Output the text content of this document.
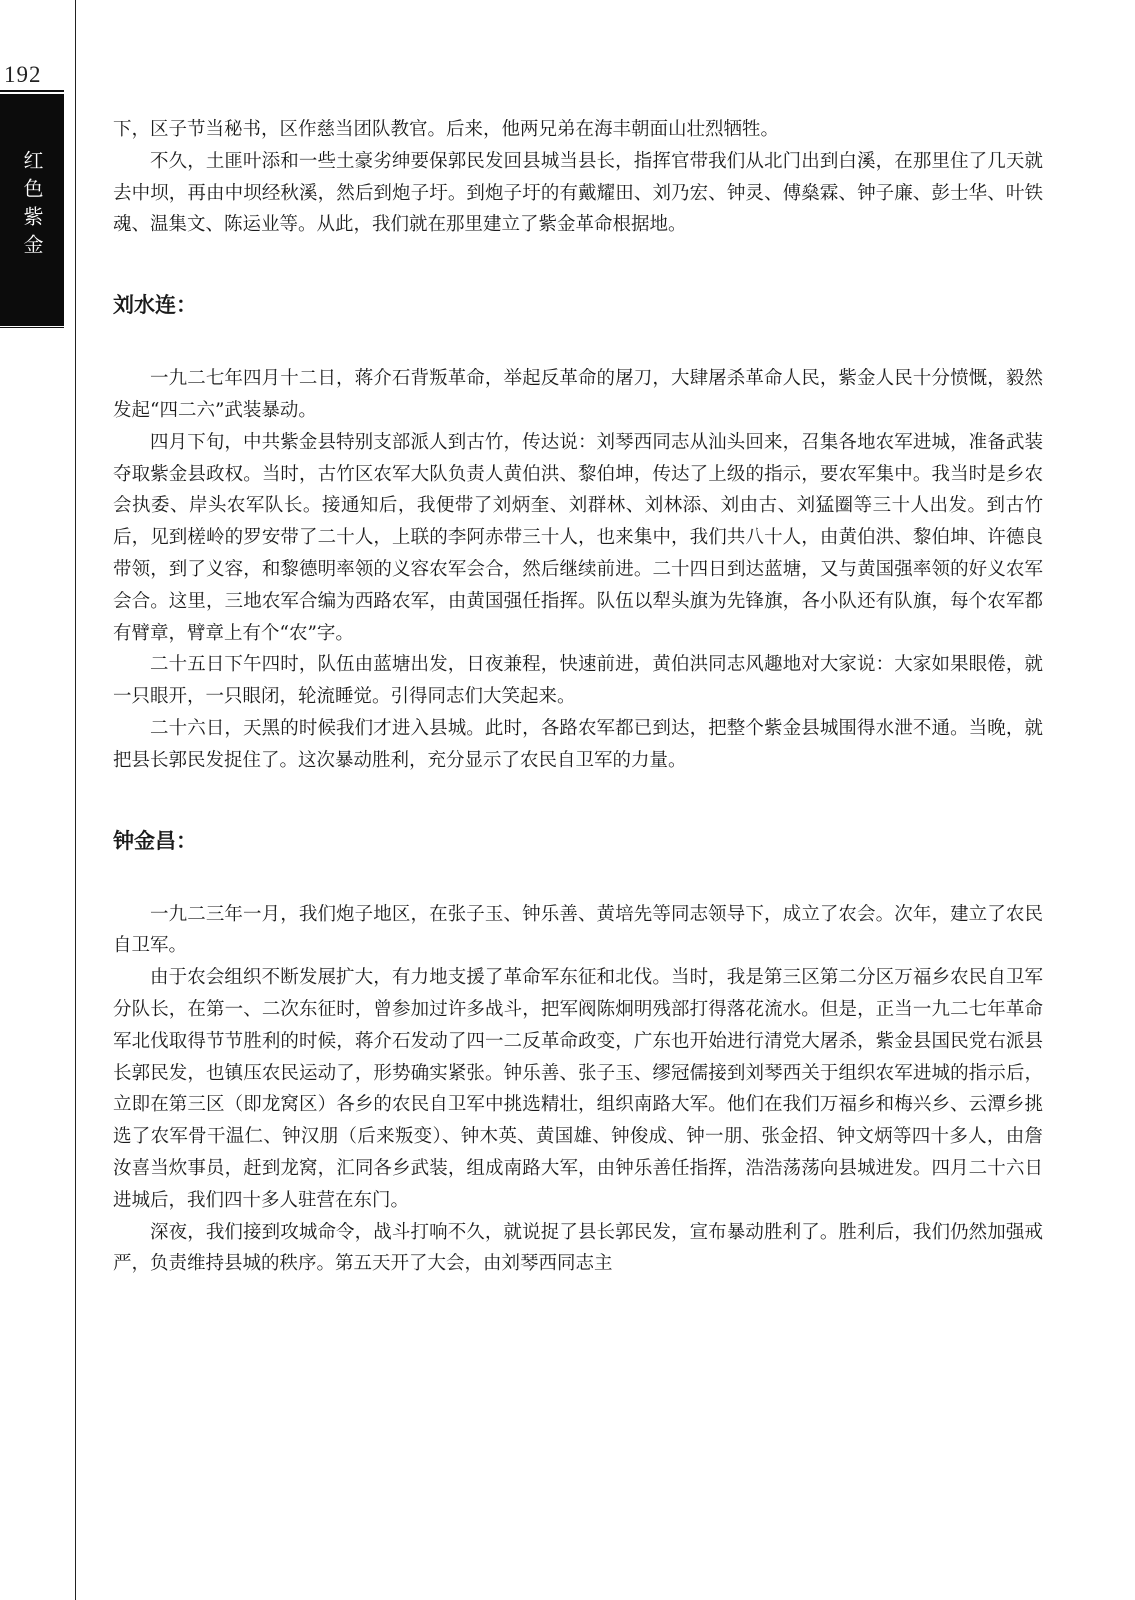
192
红色紫金

下，区子节当秘书，区作慈当团队教官。后来，他两兄弟在海丰朝面山壮烈牺牲。

不久，土匪叶添和一些土豪劣绅要保郭民发回县城当县长，指挥官带我们从北门出到白溪，在那里住了几天就去中坝，再由中坝经秋溪，然后到炮子圩。到炮子圩的有戴耀田、刘乃宏、钟灵、傅燊霖、钟子廉、彭士华、叶铁魂、温集文、陈运业等。从此，我们就在那里建立了紫金革命根据地。

刘水连：

一九二七年四月十二日，蒋介石背叛革命，举起反革命的屠刀，大肆屠杀革命人民，紫金人民十分愤慨，毅然发起“四二六”武装暴动。

四月下旬，中共紫金县特别支部派人到古竹，传达说：刘琴西同志从汕头回来，召集各地农军进城，准备武装夺取紫金县政权。当时，古竹区农军大队负责人黄伯洪、黎伯坤，传达了上级的指示，要农军集中。我当时是乡农会执委、岸头农军队长。接通知后，我便带了刘炳奎、刘群林、刘林添、刘由古、刘猛圈等三十人出发。到古竹后，见到槎岭的罗安带了二十人，上联的李阿赤带三十人，也来集中，我们共八十人，由黄伯洪、黎伯坤、许德良带领，到了义容，和黎德明率领的义容农军会合，然后继续前进。二十四日到达蓝塘，又与黄国强率领的好义农军会合。这里，三地农军合编为西路农军，由黄国强任指挥。队伍以犁头旗为先锋旗，各小队还有队旗，每个农军都有臂章，臂章上有个“农”字。

二十五日下午四时，队伍由蓝塘出发，日夜兼程，快速前进，黄伯洪同志风趣地对大家说：大家如果眼倦，就一只眼开，一只眼闭，轮流睡觉。引得同志们大笑起来。

二十六日，天黑的时候我们才进入县城。此时，各路农军都已到达，把整个紫金县城围得水泄不通。当晚，就把县长郭民发捉住了。这次暴动胜利，充分显示了农民自卫军的力量。

钟金昌：

一九二三年一月，我们炮子地区，在张子玉、钟乐善、黄培先等同志领导下，成立了农会。次年，建立了农民自卫军。

由于农会组织不断发展扩大，有力地支援了革命军东征和北伐。当时，我是第三区第二分区万福乡农民自卫军分队长，在第一、二次东征时，曾参加过许多战斗，把军阀陈炯明残部打得落花流水。但是，正当一九二七年革命军北伐取得节节胜利的时候，蒋介石发动了四一二反革命政变，广东也开始进行清党大屠杀，紫金县国民党右派县长郭民发，也镇压农民运动了，形势确实紧张。钟乐善、张子玉、缪冠儒接到刘琴西关于组织农军进城的指示后，立即在第三区（即龙窝区）各乡的农民自卫军中挑选精壮，组织南路大军。他们在我们万福乡和梅兴乡、云潭乡挑选了农军骨干温仁、钟汉朋（后来叛变）、钟木英、黄国雄、钟俊成、钟一朋、张金招、钟文炳等四十多人，由詹汝喜当炊事员，赶到龙窝，汇同各乡武装，组成南路大军，由钟乐善任指挥，浩浩荡荡向县城进发。四月二十六日进城后，我们四十多人驻营在东门。

深夜，我们接到攻城命令，战斗打响不久，就说捉了县长郭民发，宣布暴动胜利了。胜利后，我们仍然加强戒严，负责维持县城的秩序。第五天开了大会，由刘琴西同志主
